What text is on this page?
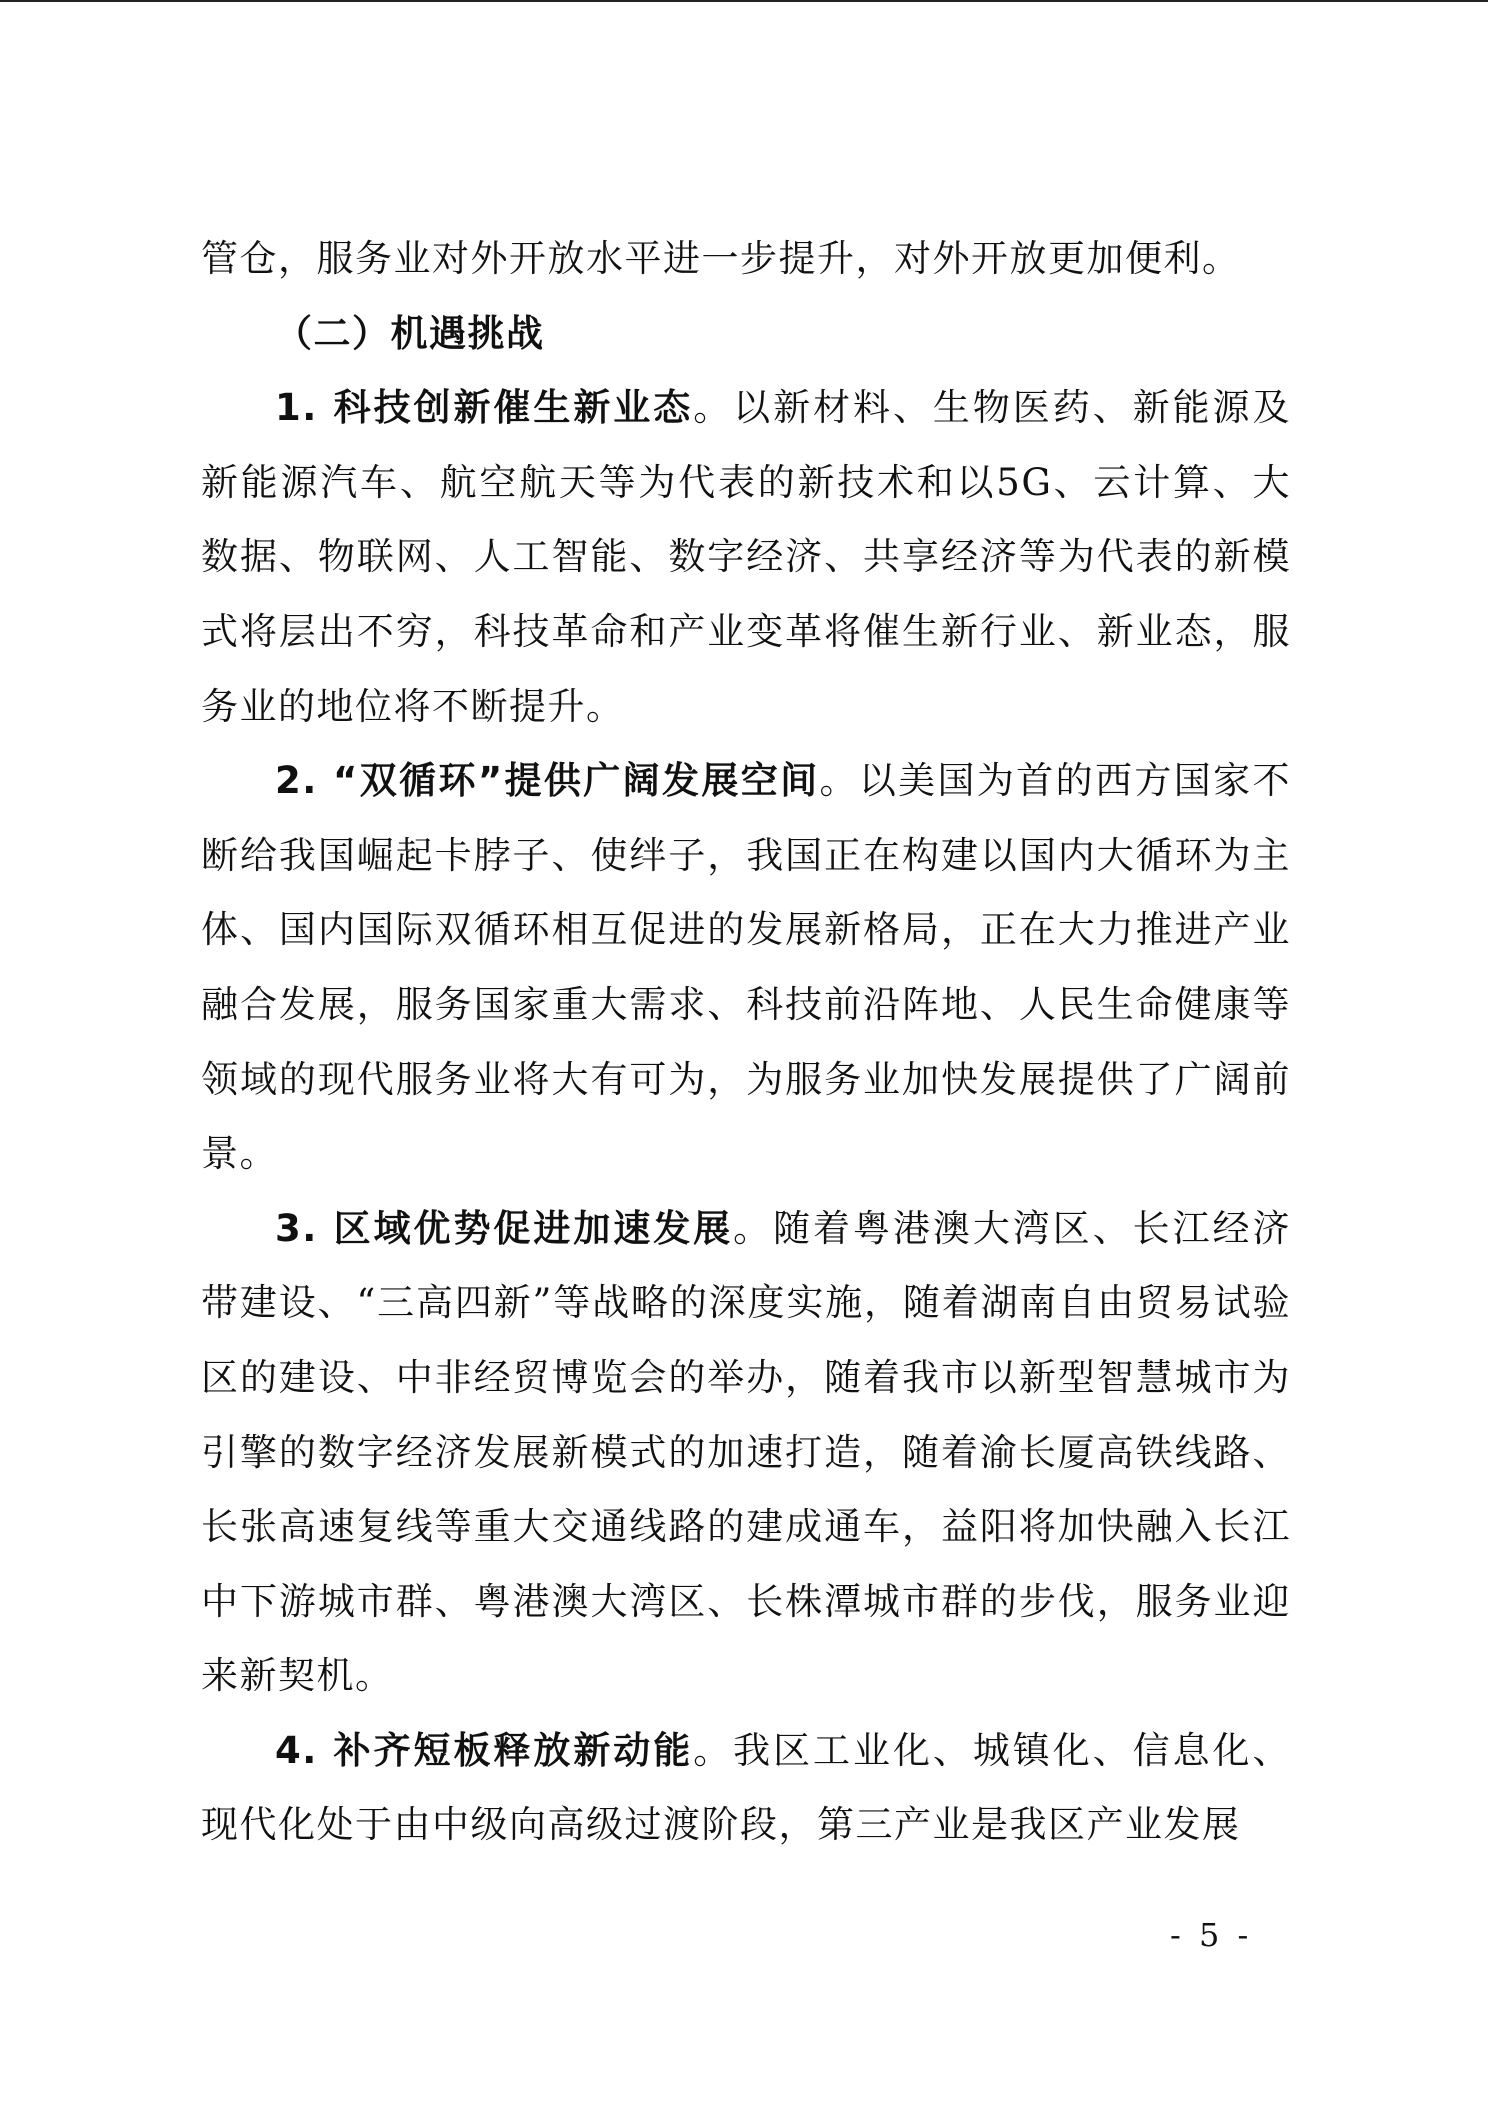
管仓，服务业对外开放水平进一步提升，对外开放更加便利。

（二）机遇挑战

1. 科技创新催生新业态。以新材料、生物医药、新能源及新能源汽车、航空航天等为代表的新技术和以5G、云计算、大数据、物联网、人工智能、数字经济、共享经济等为代表的新模式将层出不穷，科技革命和产业变革将催生新行业、新业态，服务业的地位将不断提升。

2. “双循环”提供广阔发展空间。以美国为首的西方国家不断给我国崛起卡脖子、使绊子，我国正在构建以国内大循环为主体、国内国际双循环相互促进的发展新格局，正在大力推进产业融合发展，服务国家重大需求、科技前沿阵地、人民生命健康等领域的现代服务业将大有可为，为服务业加快发展提供了广阔前景。

3. 区域优势促进加速发展。随着粤港澳大湾区、长江经济带建设、“三高四新”等战略的深度实施，随着湖南自由贸易试验区的建设、中非经贸博览会的举办，随着我市以新型智慧城市为引擎的数字经济发展新模式的加速打造，随着渝长厦高铁线路、长张高速复线等重大交通线路的建成通车，益阳将加快融入长江中下游城市群、粤港澳大湾区、长株潭城市群的步伐，服务业迎来新契机。

4. 补齐短板释放新动能。我区工业化、城镇化、信息化、现代化处于由中级向高级过渡阶段，第三产业是我区产业发展

- 5 -
